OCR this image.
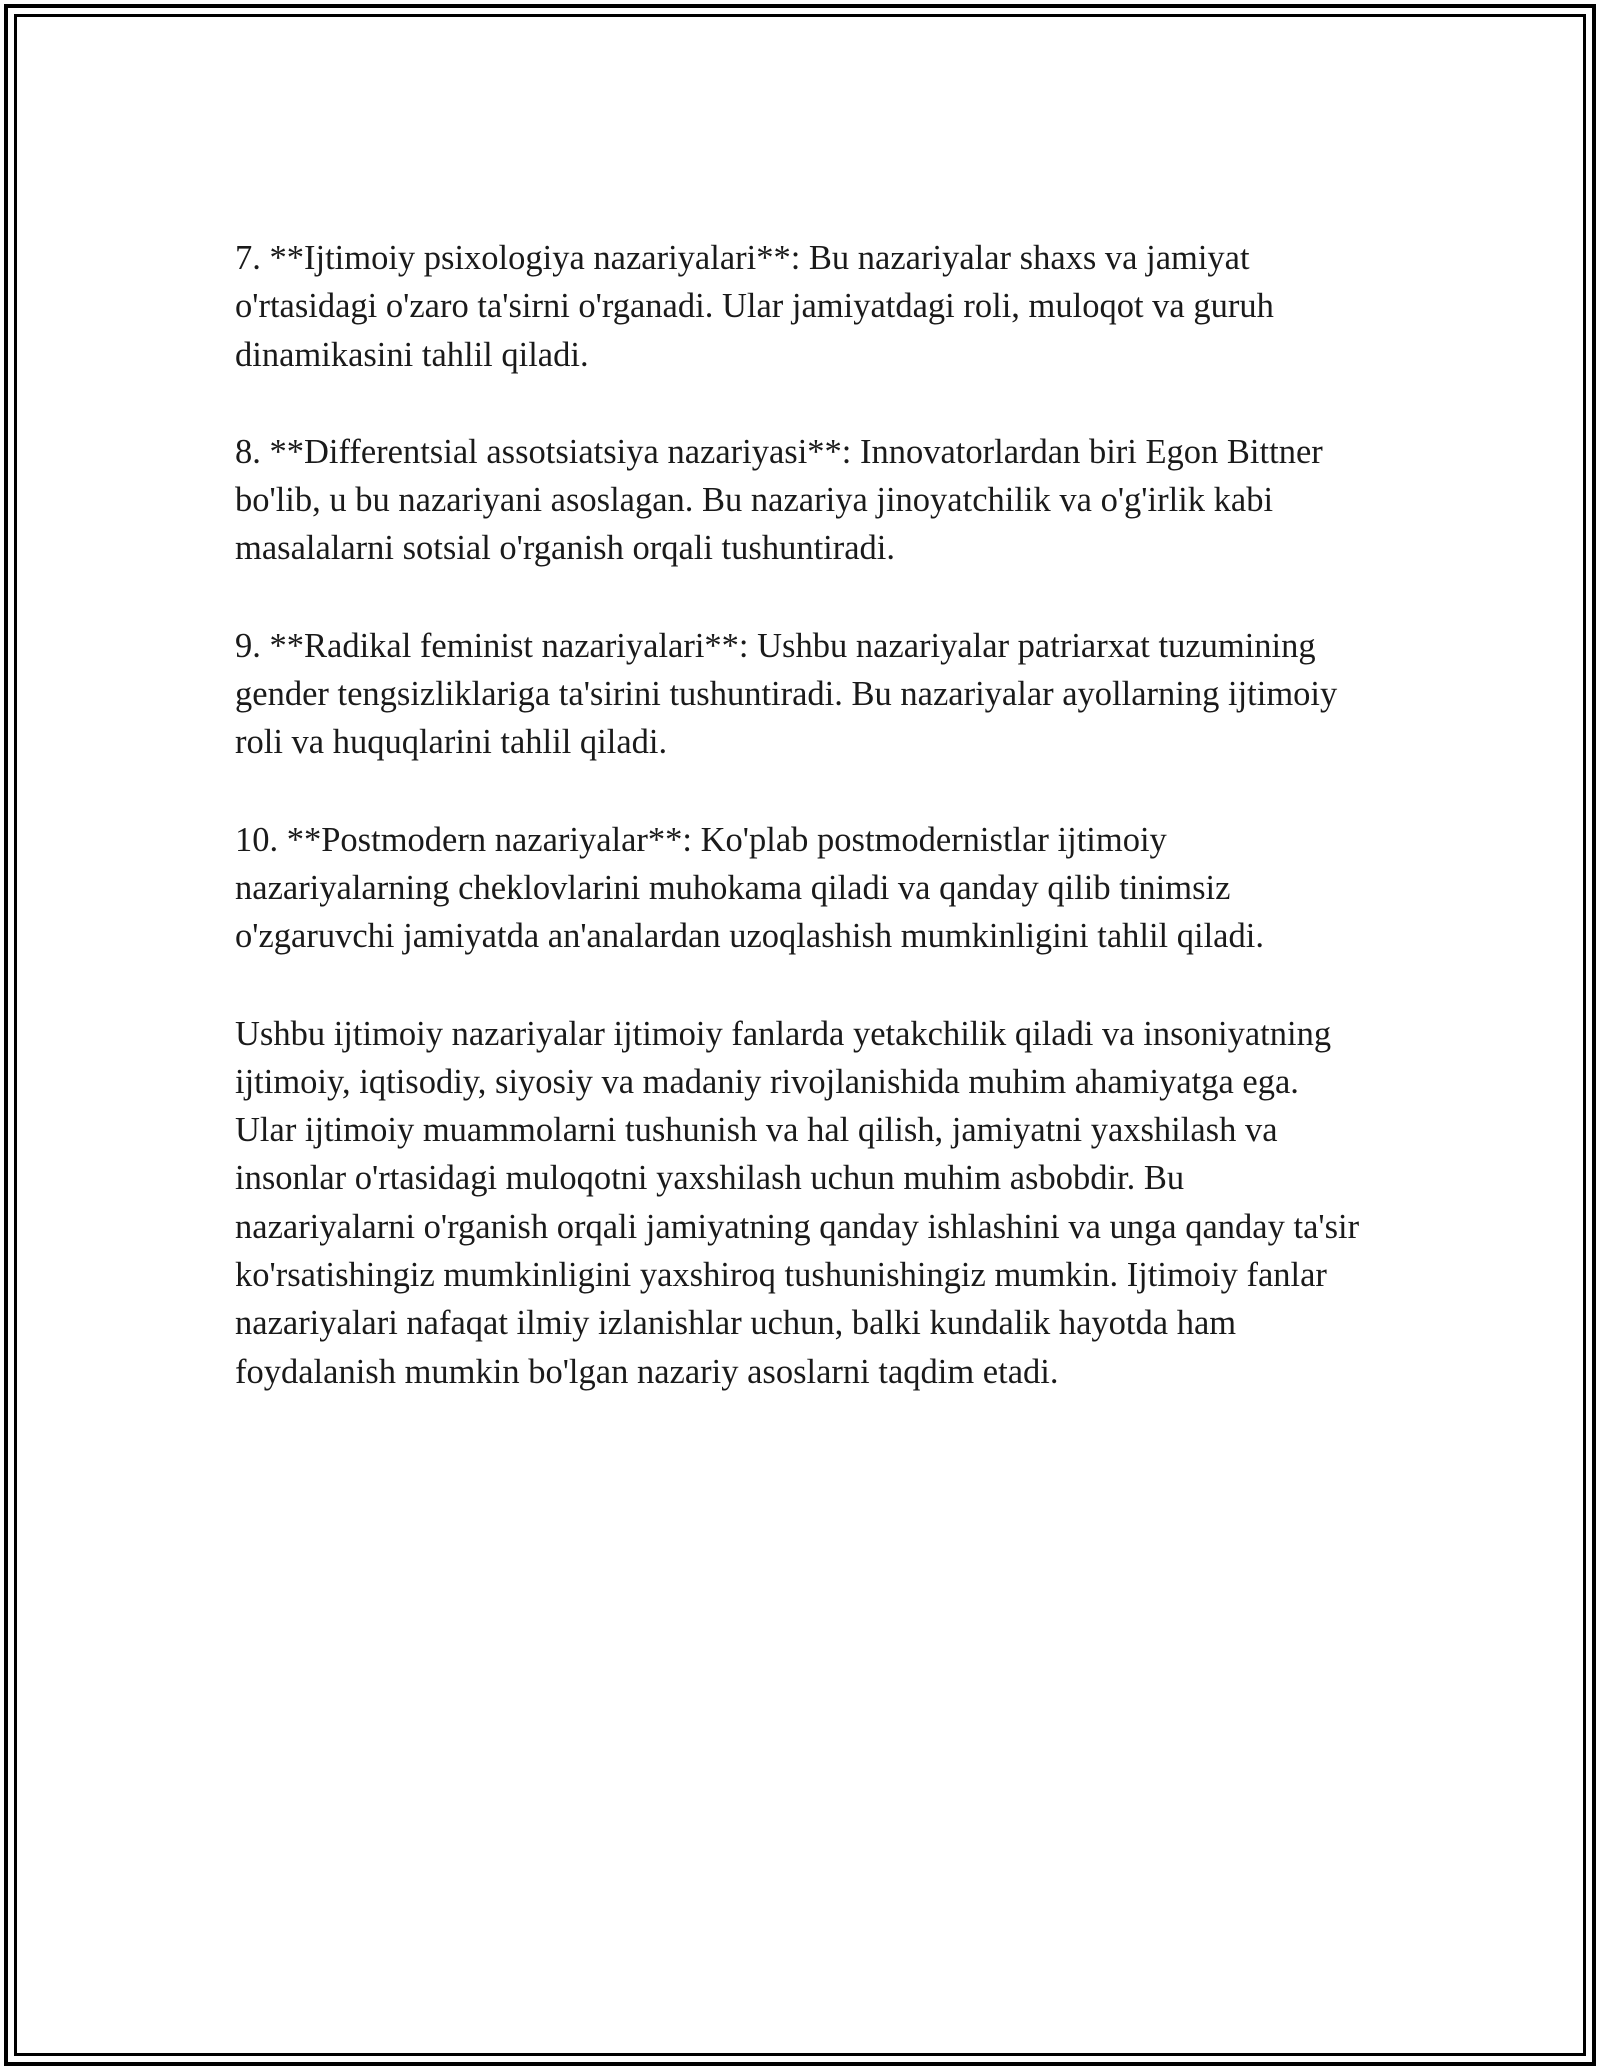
7. **Ijtimoiy psixologiya nazariyalari**: Bu nazariyalar shaxs va jamiyat o'rtasidagi o'zaro ta'sirni o'rganadi. Ular jamiyatdagi roli, muloqot va guruh dinamikasini tahlil qiladi.

8. **Differentsial assotsiatsiya nazariyasi**: Innovatorlardan biri Egon Bittner bo'lib, u bu nazariyani asoslagan. Bu nazariya jinoyatchilik va o'g'irlik kabi masalalarni sotsial o'rganish orqali tushuntiradi.

9. **Radikal feminist nazariyalari**: Ushbu nazariyalar patriarxat tuzumining gender tengsizliklariga ta'sirini tushuntiradi. Bu nazariyalar ayollarning ijtimoiy roli va huquqlarini tahlil qiladi.

10. **Postmodern nazariyalar**: Ko'plab postmodernistlar ijtimoiy nazariyalarning cheklovlarini muhokama qiladi va qanday qilib tinimsiz o'zgaruvchi jamiyatda an'analardan uzoqlashish mumkinligini tahlil qiladi.

Ushbu ijtimoiy nazariyalar ijtimoiy fanlarda yetakchilik qiladi va insoniyatning ijtimoiy, iqtisodiy, siyosiy va madaniy rivojlanishida muhim ahamiyatga ega. Ular ijtimoiy muammolarni tushunish va hal qilish, jamiyatni yaxshilash va insonlar o'rtasidagi muloqotni yaxshilash uchun muhim asbobdir. Bu nazariyalarni o'rganish orqali jamiyatning qanday ishlashini va unga qanday ta'sir ko'rsatishingiz mumkinligini yaxshiroq tushunishingiz mumkin. Ijtimoiy fanlar nazariyalari nafaqat ilmiy izlanishlar uchun, balki kundalik hayotda ham foydalanish mumkin bo'lgan nazariy asoslarni taqdim etadi.
